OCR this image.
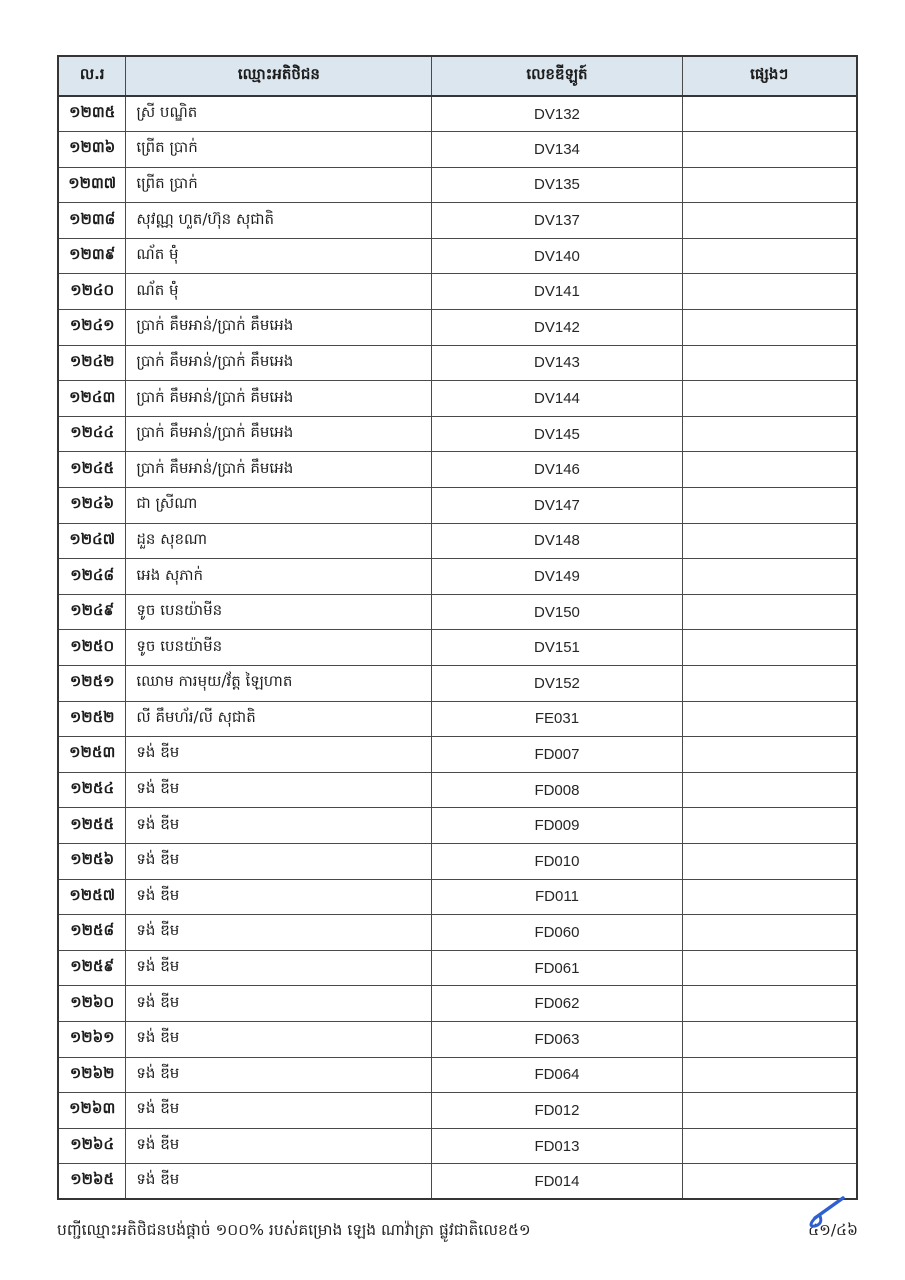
ល.រ	ឈ្មោះអតិថិជន	លេខឌីឡូត៍	ផ្សេងៗ
១២៣៥	ស្រី បណ្ឌិត	DV132	
១២៣៦	ព្រើត ប្រាក់	DV134	
១២៣៧	ព្រើត ប្រាក់	DV135	
១២៣៨	សុវណ្ណ ហួត/ហ៊ុន សុជាតិ	DV137	
១២៣៩	ណ័ត ម៉ុំ	DV140	
១២៤០	ណ័ត ម៉ុំ	DV141	
១២៤១	ប្រាក់ គឹមអាន់/ប្រាក់ គឹមអេង	DV142	
១២៤២	ប្រាក់ គឹមអាន់/ប្រាក់ គឹមអេង	DV143	
១២៤៣	ប្រាក់ គឹមអាន់/ប្រាក់ គឹមអេង	DV144	
១២៤៤	ប្រាក់ គឹមអាន់/ប្រាក់ គឹមអេង	DV145	
១២៤៥	ប្រាក់ គឹមអាន់/ប្រាក់ គឹមអេង	DV146	
១២៤៦	ជា ស្រីណា	DV147	
១២៤៧	ដួន សុខណា	DV148	
១២៤៨	អេង សុភាក់	DV149	
១២៤៩	ទូច បេនយ៉ាមីន	DV150	
១២៥០	ទូច បេនយ៉ាមីន	DV151	
១២៥១	ឈោម ការមុយ/វ័ត្ត ឡៃហាត	DV152	
១២៥២	លី គឹមហ័រ/លី សុជាតិ	FE031	
១២៥៣	ទង់ ឌីម	FD007	
១២៥៤	ទង់ ឌីម	FD008	
១២៥៥	ទង់ ឌីម	FD009	
១២៥៦	ទង់ ឌីម	FD010	
១២៥៧	ទង់ ឌីម	FD011	
១២៥៨	ទង់ ឌីម	FD060	
១២៥៩	ទង់ ឌីម	FD061	
១២៦០	ទង់ ឌីម	FD062	
១២៦១	ទង់ ឌីម	FD063	
១២៦២	ទង់ ឌីម	FD064	
១២៦៣	ទង់ ឌីម	FD012	
១២៦៤	ទង់ ឌីម	FD013	
១២៦៥	ទង់ ឌីម	FD014	
បញ្ជីឈ្មោះអតិថិជនបង់ផ្តាច់ ១០០% របស់គម្រោង ឡេង ណាវ៉ាត្រា ផ្លូវជាតិលេខ៥១	៤១/៤៦
